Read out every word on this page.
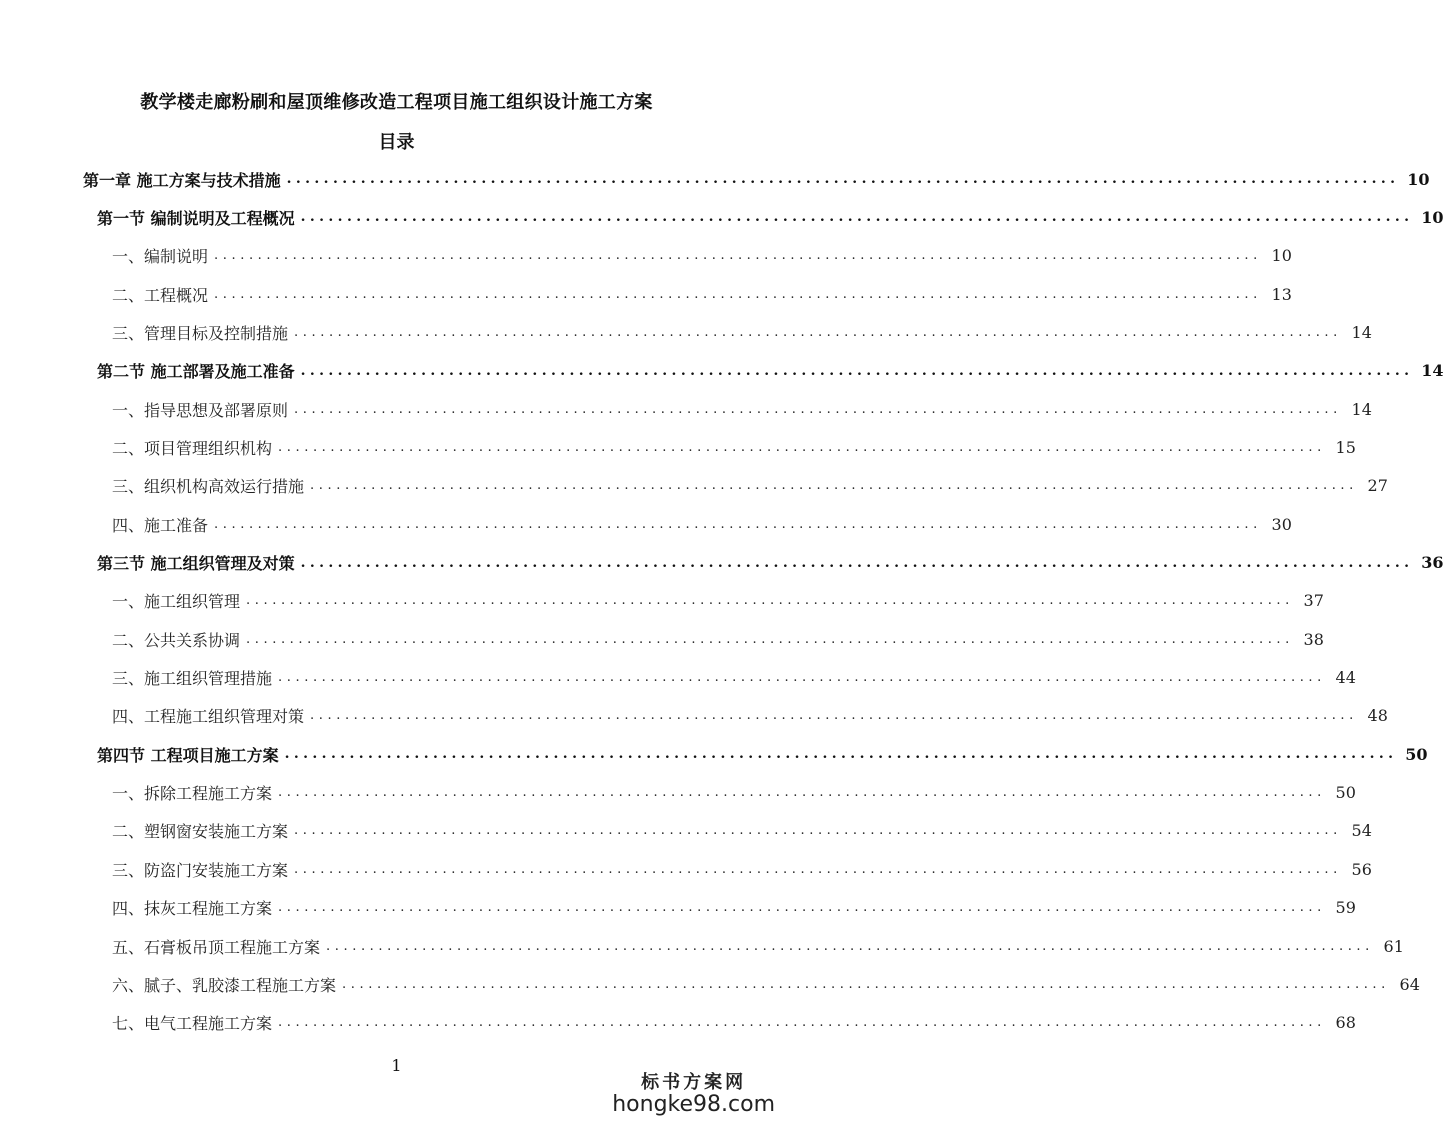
教学楼走廊粉刷和屋顶维修改造工程项目施工组织设计施工方案
目录
第一章 施工方案与技术措施 ........................................................................................................................ 10
第一节 编制说明及工程概况 ........................................................................................................................ 10
一、编制说明 ........................................................................................................................ 10
二、工程概况 ........................................................................................................................ 13
三、管理目标及控制措施 ........................................................................................................................ 14
第二节 施工部署及施工准备 ........................................................................................................................ 14
一、指导思想及部署原则 ........................................................................................................................ 14
二、项目管理组织机构 ........................................................................................................................ 15
三、组织机构高效运行措施 ........................................................................................................................ 27
四、施工准备 ........................................................................................................................ 30
第三节 施工组织管理及对策 ........................................................................................................................ 36
一、施工组织管理 ........................................................................................................................ 37
二、公共关系协调 ........................................................................................................................ 38
三、施工组织管理措施 ........................................................................................................................ 44
四、工程施工组织管理对策 ........................................................................................................................ 48
第四节 工程项目施工方案 ........................................................................................................................ 50
一、拆除工程施工方案 ........................................................................................................................ 50
二、塑钢窗安装施工方案 ........................................................................................................................ 54
三、防盗门安装施工方案 ........................................................................................................................ 56
四、抹灰工程施工方案 ........................................................................................................................ 59
五、石膏板吊顶工程施工方案 ........................................................................................................................ 61
六、腻子、乳胶漆工程施工方案 ........................................................................................................................ 64
七、电气工程施工方案 ........................................................................................................................ 68
1
标书方案网
hongke98.com
